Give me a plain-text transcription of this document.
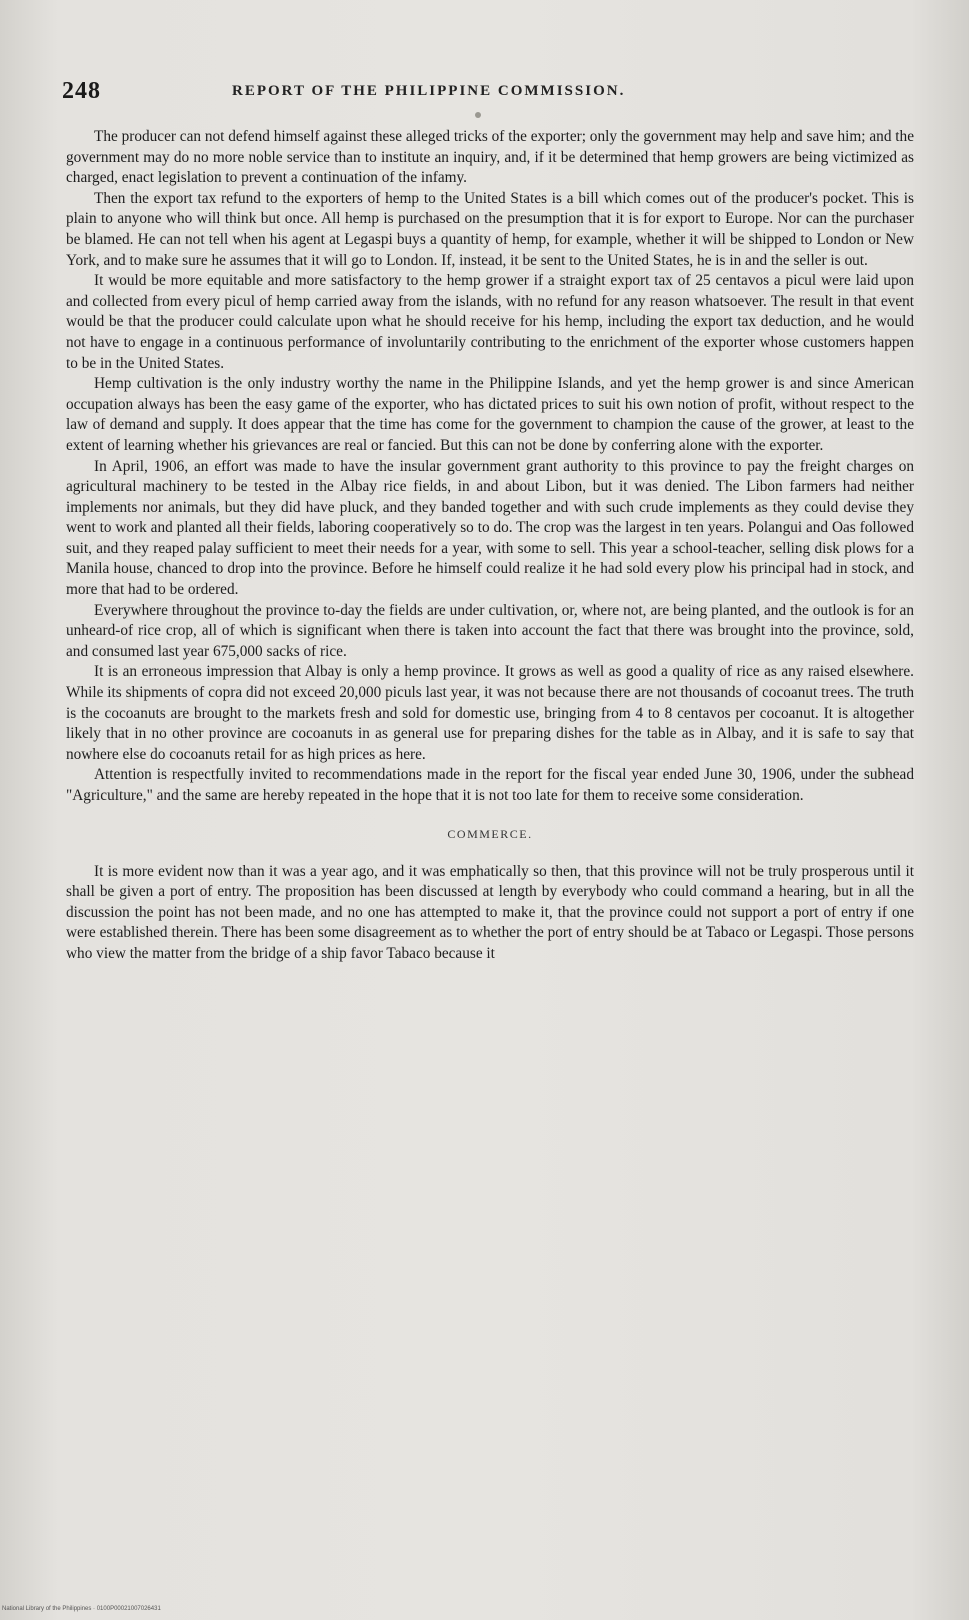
248	REPORT OF THE PHILIPPINE COMMISSION.

The producer can not defend himself against these alleged tricks of the exporter; only the government may help and save him; and the government may do no more noble service than to institute an inquiry, and, if it be determined that hemp growers are being victimized as charged, enact legislation to prevent a continuation of the infamy.

Then the export tax refund to the exporters of hemp to the United States is a bill which comes out of the producer's pocket. This is plain to anyone who will think but once. All hemp is purchased on the presumption that it is for export to Europe. Nor can the purchaser be blamed. He can not tell when his agent at Legaspi buys a quantity of hemp, for example, whether it will be shipped to London or New York, and to make sure he assumes that it will go to London. If, instead, it be sent to the United States, he is in and the seller is out.

It would be more equitable and more satisfactory to the hemp grower if a straight export tax of 25 centavos a picul were laid upon and collected from every picul of hemp carried away from the islands, with no refund for any reason whatsoever. The result in that event would be that the producer could calculate upon what he should receive for his hemp, including the export tax deduction, and he would not have to engage in a continuous performance of involuntarily contributing to the enrichment of the exporter whose customers happen to be in the United States.

Hemp cultivation is the only industry worthy the name in the Philippine Islands, and yet the hemp grower is and since American occupation always has been the easy game of the exporter, who has dictated prices to suit his own notion of profit, without respect to the law of demand and supply. It does appear that the time has come for the government to champion the cause of the grower, at least to the extent of learning whether his grievances are real or fancied. But this can not be done by conferring alone with the exporter.

In April, 1906, an effort was made to have the insular government grant authority to this province to pay the freight charges on agricultural machinery to be tested in the Albay rice fields, in and about Libon, but it was denied. The Libon farmers had neither implements nor animals, but they did have pluck, and they banded together and with such crude implements as they could devise they went to work and planted all their fields, laboring cooperatively so to do. The crop was the largest in ten years. Polangui and Oas followed suit, and they reaped palay sufficient to meet their needs for a year, with some to sell. This year a school-teacher, selling disk plows for a Manila house, chanced to drop into the province. Before he himself could realize it he had sold every plow his principal had in stock, and more that had to be ordered.

Everywhere throughout the province to-day the fields are under cultivation, or, where not, are being planted, and the outlook is for an unheard-of rice crop, all of which is significant when there is taken into account the fact that there was brought into the province, sold, and consumed last year 675,000 sacks of rice.

It is an erroneous impression that Albay is only a hemp province. It grows as well as good a quality of rice as any raised elsewhere. While its shipments of copra did not exceed 20,000 piculs last year, it was not because there are not thousands of cocoanut trees. The truth is the cocoanuts are brought to the markets fresh and sold for domestic use, bringing from 4 to 8 centavos per cocoanut. It is altogether likely that in no other province are cocoanuts in as general use for preparing dishes for the table as in Albay, and it is safe to say that nowhere else do cocoanuts retail for as high prices as here.

Attention is respectfully invited to recommendations made in the report for the fiscal year ended June 30, 1906, under the subhead "Agriculture," and the same are hereby repeated in the hope that it is not too late for them to receive some consideration.

COMMERCE.

It is more evident now than it was a year ago, and it was emphatically so then, that this province will not be truly prosperous until it shall be given a port of entry. The proposition has been discussed at length by everybody who could command a hearing, but in all the discussion the point has not been made, and no one has attempted to make it, that the province could not support a port of entry if one were established therein. There has been some disagreement as to whether the port of entry should be at Tabaco or Legaspi. Those persons who view the matter from the bridge of a ship favor Tabaco because it

National Library of the Philippines · 0100P00021007026431
